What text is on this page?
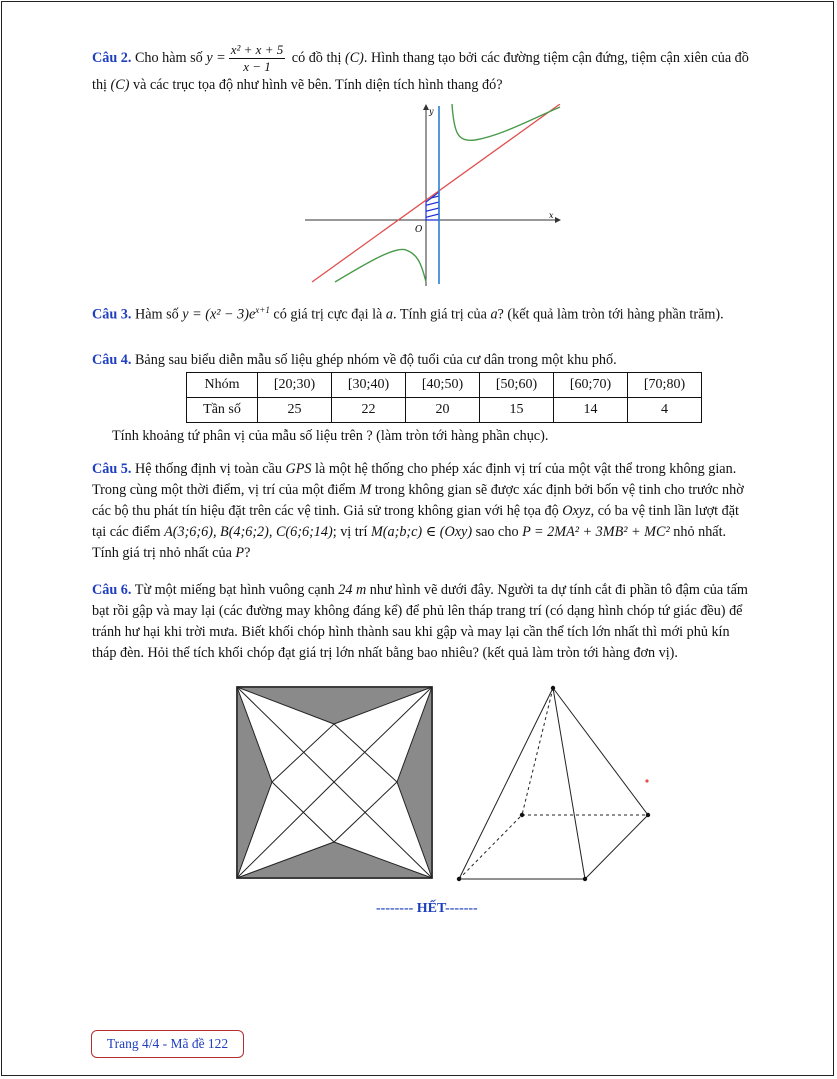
Câu 2. Cho hàm số $y = \frac{\text{x² + x + 5}}{x - 1}$ có đồ thị (C). Hình thang tạo bởi các đường tiệm cận đứng, tiệm cận xiên của đồ thị (C) và các trục tọa độ như hình vẽ bên. Tính diện tích hình thang đó?
O
x
y
Câu 3. Hàm số $y = (x^2 - 3)e^{x+1}$ có giá trị cực đại là a. Tính giá trị của a? (kết quả làm tròn tới hàng phần trăm).
Câu 4. Bảng sau biểu diễn mẫu số liệu ghép nhóm về độ tuổi của cư dân trong một khu phố.
Nhóm	[20;30)	[30;40)	[40;50)	[50;60)	[60;70)	[70;80)
Tần số	25	22	20	15	14	4
Tính khoảng tứ phân vị của mẫu số liệu trên ? (làm tròn tới hàng phần chục).
Câu 5. Hệ thống định vị toàn cầu GPS là một hệ thống cho phép xác định vị trí của một vật thể trong không gian. Trong cùng một thời điểm, vị trí của một điểm M trong không gian sẽ được xác định bởi bốn vệ tinh cho trước nhờ các bộ thu phát tín hiệu đặt trên các vệ tinh. Giả sử trong không gian với hệ tọa độ Oxyz, có ba vệ tinh lần lượt đặt tại các điểm A(3;6;6), B(4;6;2), C(6;6;14); vị trí M(a;b;c) ∈ (Oxy) sao cho P = 2MA² + 3MB² + MC² nhỏ nhất. Tính giá trị nhỏ nhất của P?
Câu 6. Từ một miếng bạt hình vuông cạnh 24 m như hình vẽ dưới đây. Người ta dự tính cắt đi phần tô đậm của tấm bạt rồi gập và may lại (các đường may không đáng kể) để phủ lên tháp trang trí (có dạng hình chóp tứ giác đều) để tránh hư hại khi trời mưa. Biết khối chóp hình thành sau khi gập và may lại cần thể tích lớn nhất thì mới phủ kín tháp đèn. Hỏi thể tích khối chóp đạt giá trị lớn nhất bằng bao nhiêu? (kết quả làm tròn tới hàng đơn vị).
-------- HẾT-------
Trang 4/4 - Mã đề 122
